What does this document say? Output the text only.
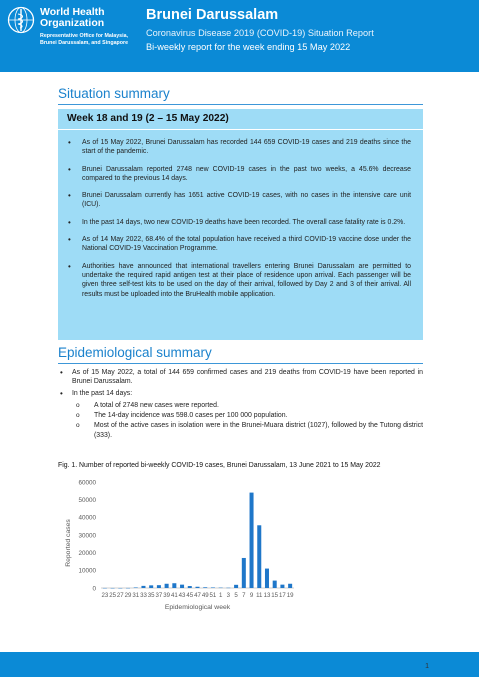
World Health Organization
Representative Office for Malaysia, Brunei Darussalam, and Singapore
Brunei Darussalam
Coronavirus Disease 2019 (COVID-19) Situation Report
Bi-weekly report for the week ending 15 May 2022
Situation summary
Week 18 and 19 (2 – 15 May 2022)
• As of 15 May 2022, Brunei Darussalam has recorded 144 659 COVID-19 cases and 219 deaths since the start of the pandemic.
• Brunei Darussalam reported 2748 new COVID-19 cases in the past two weeks, a 45.6% decrease compared to the previous 14 days.
• Brunei Darussalam currently has 1651 active COVID-19 cases, with no cases in the intensive care unit (ICU).
• In the past 14 days, two new COVID-19 deaths have been recorded. The overall case fatality rate is 0.2%.
• As of 14 May 2022, 68.4% of the total population have received a third COVID-19 vaccine dose under the National COVID-19 Vaccination Programme.
• Authorities have announced that international travellers entering Brunei Darussalam are permitted to undertake the required rapid antigen test at their place of residence upon arrival. Each passenger will be given three self-test kits to be used on the day of their arrival, followed by Day 2 and 3 of their arrival. All results must be uploaded into the BruHealth mobile application.
Epidemiological summary
• As of 15 May 2022, a total of 144 659 confirmed cases and 219 deaths from COVID-19 have been reported in Brunei Darussalam.
• In the past 14 days:
o A total of 2748 new cases were reported.
o The 14-day incidence was 598.0 cases per 100 000 population.
o Most of the active cases in isolation were in the Brunei-Muara district (1027), followed by the Tutong district (333).
Fig. 1. Number of reported bi-weekly COVID-19 cases, Brunei Darussalam, 13 June 2021 to 15 May 2022
0
10000
20000
30000
40000
50000
60000
23 25 27 29 31 33 35 37 39 41 43 45 47 49 51 1 3 5 7 9 11 13 15 17 19
Epidemiological week
Reported cases
1
